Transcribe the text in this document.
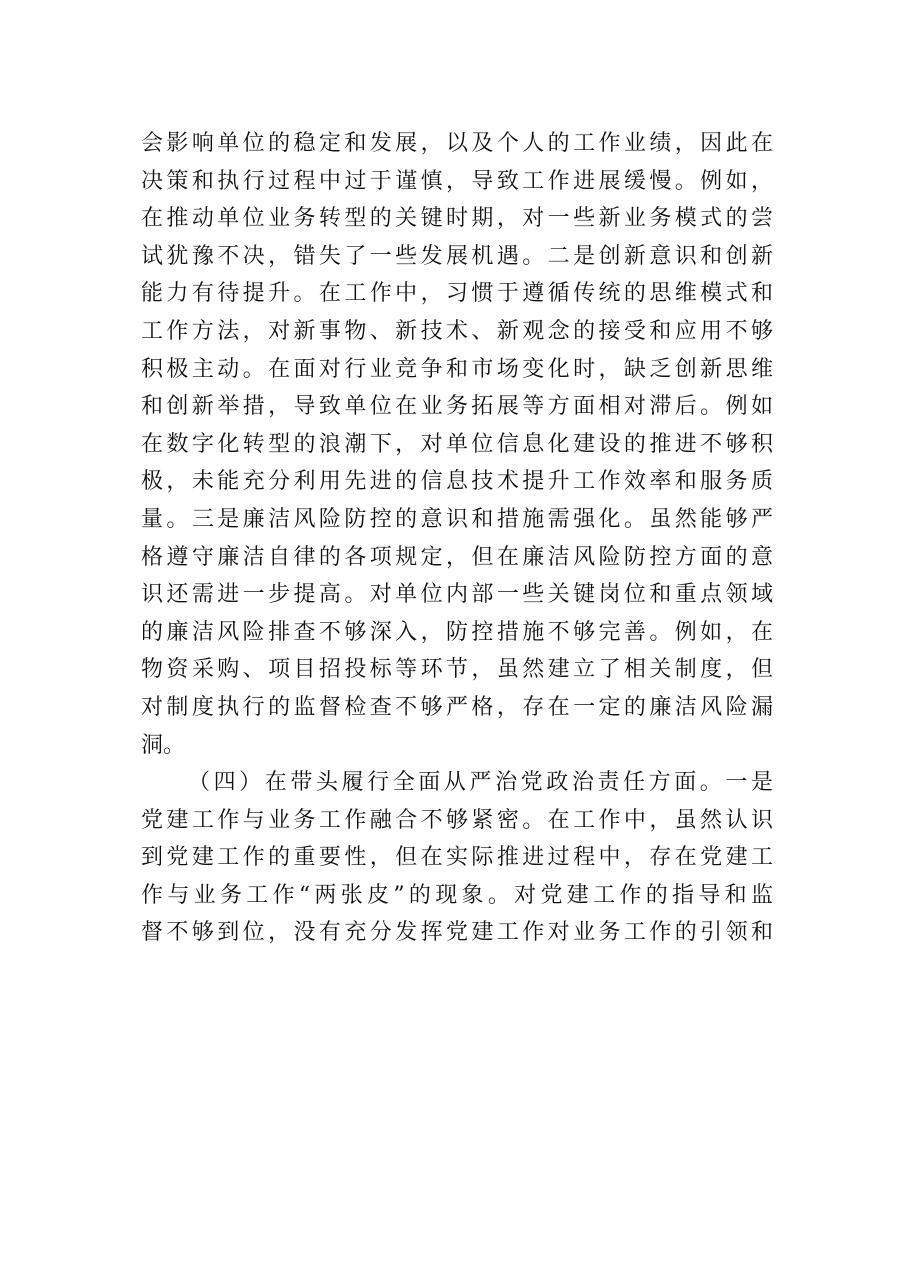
会影响单位的稳定和发展，以及个人的工作业绩，因此在
决策和执行过程中过于谨慎，导致工作进展缓慢。例如，
在推动单位业务转型的关键时期，对一些新业务模式的尝
试犹豫不决，错失了一些发展机遇。二是创新意识和创新
能力有待提升。在工作中，习惯于遵循传统的思维模式和
工作方法，对新事物、新技术、新观念的接受和应用不够
积极主动。在面对行业竞争和市场变化时，缺乏创新思维
和创新举措，导致单位在业务拓展等方面相对滞后。例如
在数字化转型的浪潮下，对单位信息化建设的推进不够积
极，未能充分利用先进的信息技术提升工作效率和服务质
量。三是廉洁风险防控的意识和措施需强化。虽然能够严
格遵守廉洁自律的各项规定，但在廉洁风险防控方面的意
识还需进一步提高。对单位内部一些关键岗位和重点领域
的廉洁风险排查不够深入，防控措施不够完善。例如，在
物资采购、项目招投标等环节，虽然建立了相关制度，但
对制度执行的监督检查不够严格，存在一定的廉洁风险漏
洞。
（四）在带头履行全面从严治党政治责任方面。一是
党建工作与业务工作融合不够紧密。在工作中，虽然认识
到党建工作的重要性，但在实际推进过程中，存在党建工
作与业务工作“两张皮”的现象。对党建工作的指导和监
督不够到位，没有充分发挥党建工作对业务工作的引领和
